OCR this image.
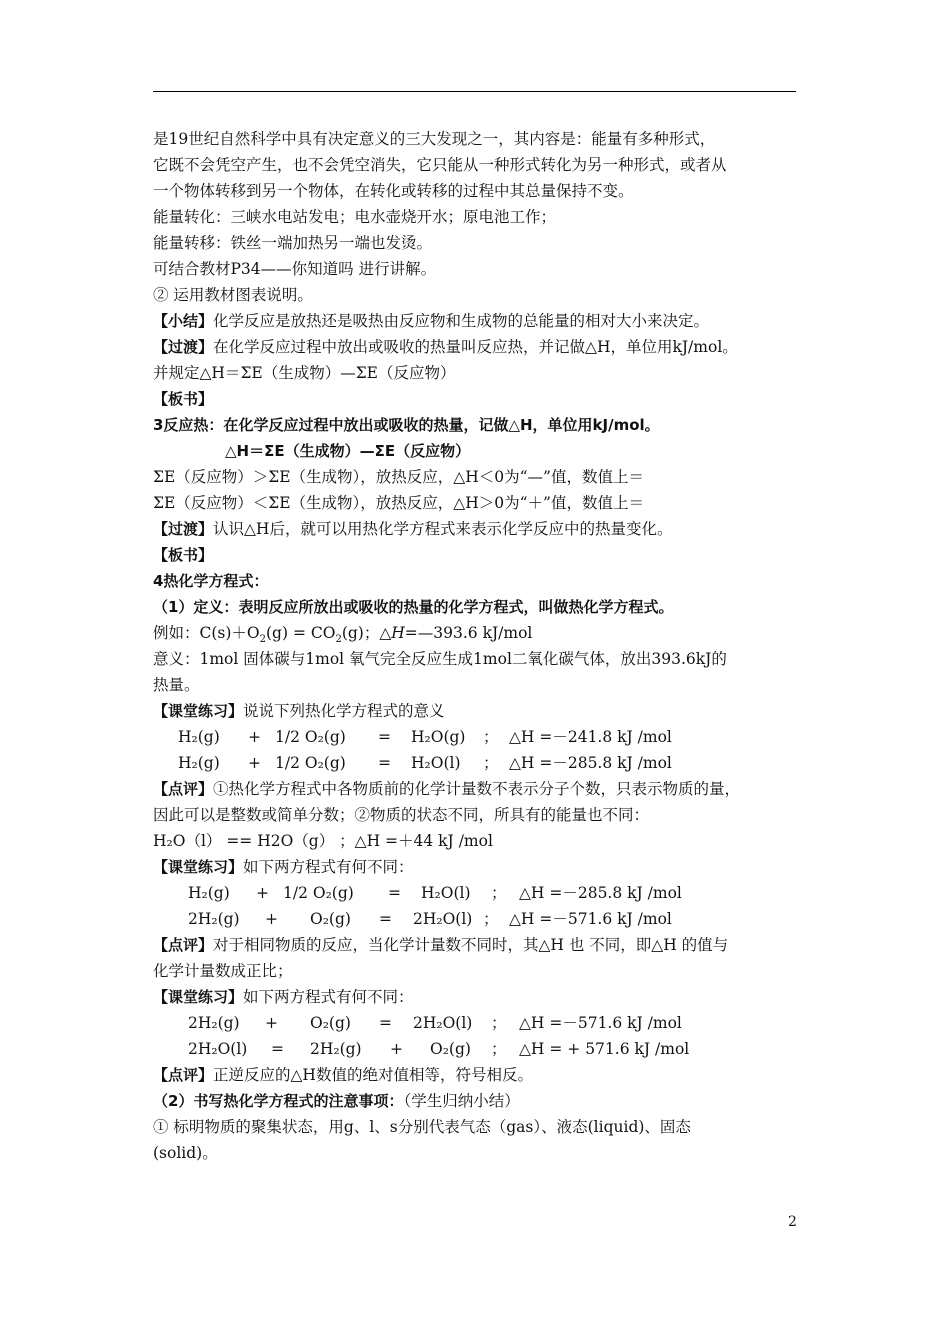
是19世纪自然科学中具有决定意义的三大发现之一，其内容是：能量有多种形式，
它既不会凭空产生，也不会凭空消失，它只能从一种形式转化为另一种形式，或者从
一个物体转移到另一个物体，在转化或转移的过程中其总量保持不变。
能量转化：三峡水电站发电；电水壶烧开水；原电池工作；
能量转移：铁丝一端加热另一端也发烫。
可结合教材P34——你知道吗 进行讲解。
② 运用教材图表说明。
【小结】化学反应是放热还是吸热由反应物和生成物的总能量的相对大小来决定。
【过渡】在化学反应过程中放出或吸收的热量叫反应热，并记做△H，单位用kJ/mol。
并规定△H＝ΣE（生成物）—ΣE（反应物）
【板书】
3反应热：在化学反应过程中放出或吸收的热量，记做△H，单位用kJ/mol。
△H＝ΣE（生成物）—ΣE（反应物）
ΣE（反应物）＞ΣE（生成物），放热反应，△H＜0为“—”值，数值上＝
ΣE（反应物）＜ΣE（生成物），放热反应，△H＞0为“＋”值，数值上＝
【过渡】认识△H后，就可以用热化学方程式来表示化学反应中的热量变化。
【板书】
4热化学方程式：
（1）定义：表明反应所放出或吸收的热量的化学方程式，叫做热化学方程式。
例如：$C(s)+O_2(g) = CO_2(g)$；△H=—393.6 kJ/mol
意义：1mol 固体碳与1mol 氧气完全反应生成1mol二氧化碳气体，放出393.6kJ的
热量。
【课堂练习】说说下列热化学方程式的意义
H₂(g) + 1/2 O₂(g) = H₂O(g) ； △H =－241.8 kJ /mol
H₂(g) + 1/2 O₂(g) = H₂O(l) ； △H =－285.8 kJ /mol
【点评】①热化学方程式中各物质前的化学计量数不表示分子个数，只表示物质的量，
因此可以是整数或简单分数；②物质的状态不同，所具有的能量也不同：
H₂O（l） == H2O（g） ；△H =＋44 kJ /mol
【课堂练习】如下两方程式有何不同：
H₂(g) + 1/2 O₂(g) = H₂O(l) ； △H =－285.8 kJ /mol
2H₂(g) + O₂(g) = 2H₂O(l) ； △H =－571.6 kJ /mol
【点评】对于相同物质的反应，当化学计量数不同时，其△H 也 不同，即△H 的值与
化学计量数成正比；
【课堂练习】如下两方程式有何不同：
2H₂(g) + O₂(g) = 2H₂O(l) ； △H =－571.6 kJ /mol
2H₂O(l) = 2H₂(g) + O₂(g) ； △H = + 571.6 kJ /mol
【点评】正逆反应的△H数值的绝对值相等，符号相反。
（2）书写热化学方程式的注意事项：（学生归纳小结）
① 标明物质的聚集状态，用g、l、s分别代表气态（gas）、液态(liquid)、固态
(solid)。
2
